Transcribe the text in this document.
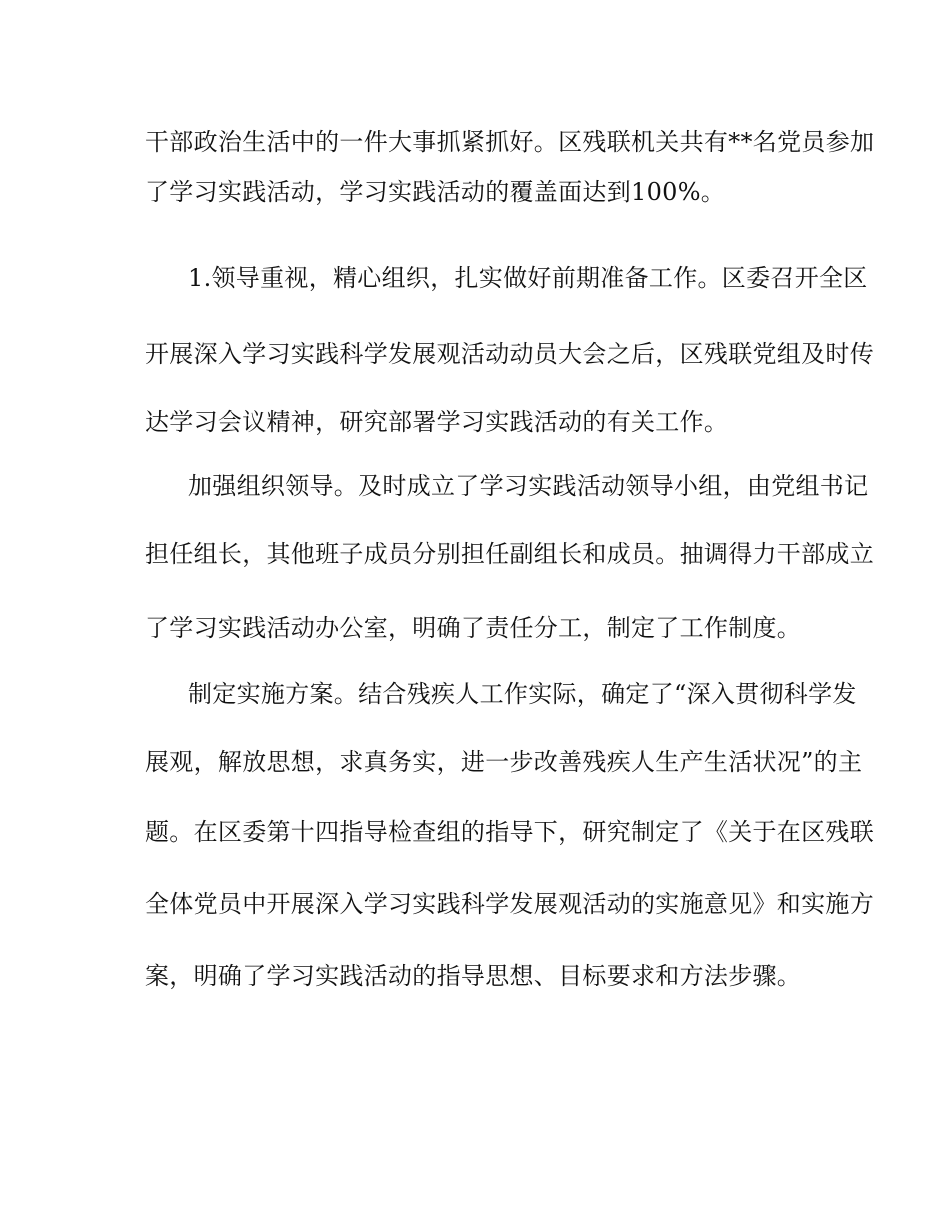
干部政治生活中的一件大事抓紧抓好。区残联机关共有**名党员参加
了学习实践活动，学习实践活动的覆盖面达到100%。
1.领导重视，精心组织，扎实做好前期准备工作。区委召开全区
开展深入学习实践科学发展观活动动员大会之后，区残联党组及时传
达学习会议精神，研究部署学习实践活动的有关工作。
加强组织领导。及时成立了学习实践活动领导小组，由党组书记
担任组长，其他班子成员分别担任副组长和成员。抽调得力干部成立
了学习实践活动办公室，明确了责任分工，制定了工作制度。
制定实施方案。结合残疾人工作实际，确定了“深入贯彻科学发
展观，解放思想，求真务实，进一步改善残疾人生产生活状况”的主
题。在区委第十四指导检查组的指导下，研究制定了《关于在区残联
全体党员中开展深入学习实践科学发展观活动的实施意见》和实施方
案，明确了学习实践活动的指导思想、目标要求和方法步骤。
